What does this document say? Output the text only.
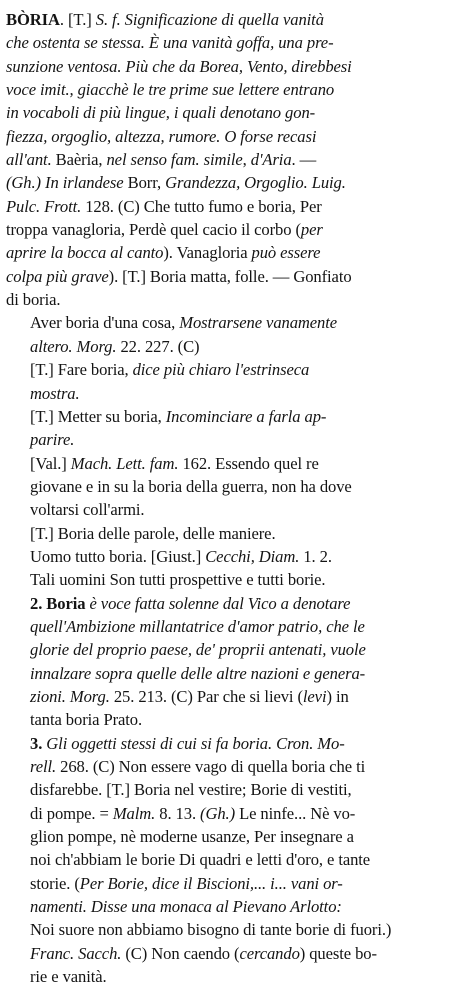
BÒRIA. [T.] S. f. Significazione di quella vanità
che ostenta se stessa. È una vanità goffa, una pre-
sunzione ventosa. Più che da Borea, Vento, direbbesi
voce imit., giacchè le tre prime sue lettere entrano
in vocaboli di più lingue, i quali denotano gon-
fiezza, orgoglio, altezza, rumore. O forse recasi
all'ant. Baèria, nel senso fam. simile, d'Aria. —
(Gh.) In irlandese Borr, Grandezza, Orgoglio. Luig.
Pulc. Frott. 128. (C) Che tutto fumo e boria, Per
troppa vanagloria, Perdè quel cacio il corbo (per
aprire la bocca al canto). Vanagloria può essere
colpa più grave). [T.] Boria matta, folle. — Gonfiato
di boria.
Aver boria d'una cosa, Mostrarsene vanamente
altero. Morg. 22. 227. (C)
[T.] Fare boria, dice più chiaro l'estrinseca
mostra.
[T.] Metter su boria, Incominciare a farla ap-
parire.
[Val.] Mach. Lett. fam. 162. Essendo quel re
giovane e in su la boria della guerra, non ha dove
voltarsi coll'armi.
[T.] Boria delle parole, delle maniere.
Uomo tutto boria. [Giust.] Cecchi, Diam. 1. 2.
Tali uomini Son tutti prospettive e tutti borie.
2. Boria è voce fatta solenne dal Vico a denotare
quell'Ambizione millantatrice d'amor patrio, che le
glorie del proprio paese, de' proprii antenati, vuole
innalzare sopra quelle delle altre nazioni e genera-
zioni. Morg. 25. 213. (C) Par che si lievi (levi) in
tanta boria Prato.
3. Gli oggetti stessi di cui si fa boria. Cron. Mo-
rell. 268. (C) Non essere vago di quella boria che ti
disfarebbe. [T.] Boria nel vestire; Borie di vestiti,
di pompe. = Malm. 8. 13. (Gh.) Le ninfe... Nè vo-
glion pompe, nè moderne usanze, Per insegnare a
noi ch'abbiam le borie Di quadri e letti d'oro, e tante
storie. (Per Borie, dice il Biscioni,... i... vani or-
namenti. Disse una monaca al Pievano Arlotto:
Noi suore non abbiamo bisogno di tante borie di fuori.)
Franc. Sacch. (C) Non caendo (cercando) queste bo-
rie e vanità.
